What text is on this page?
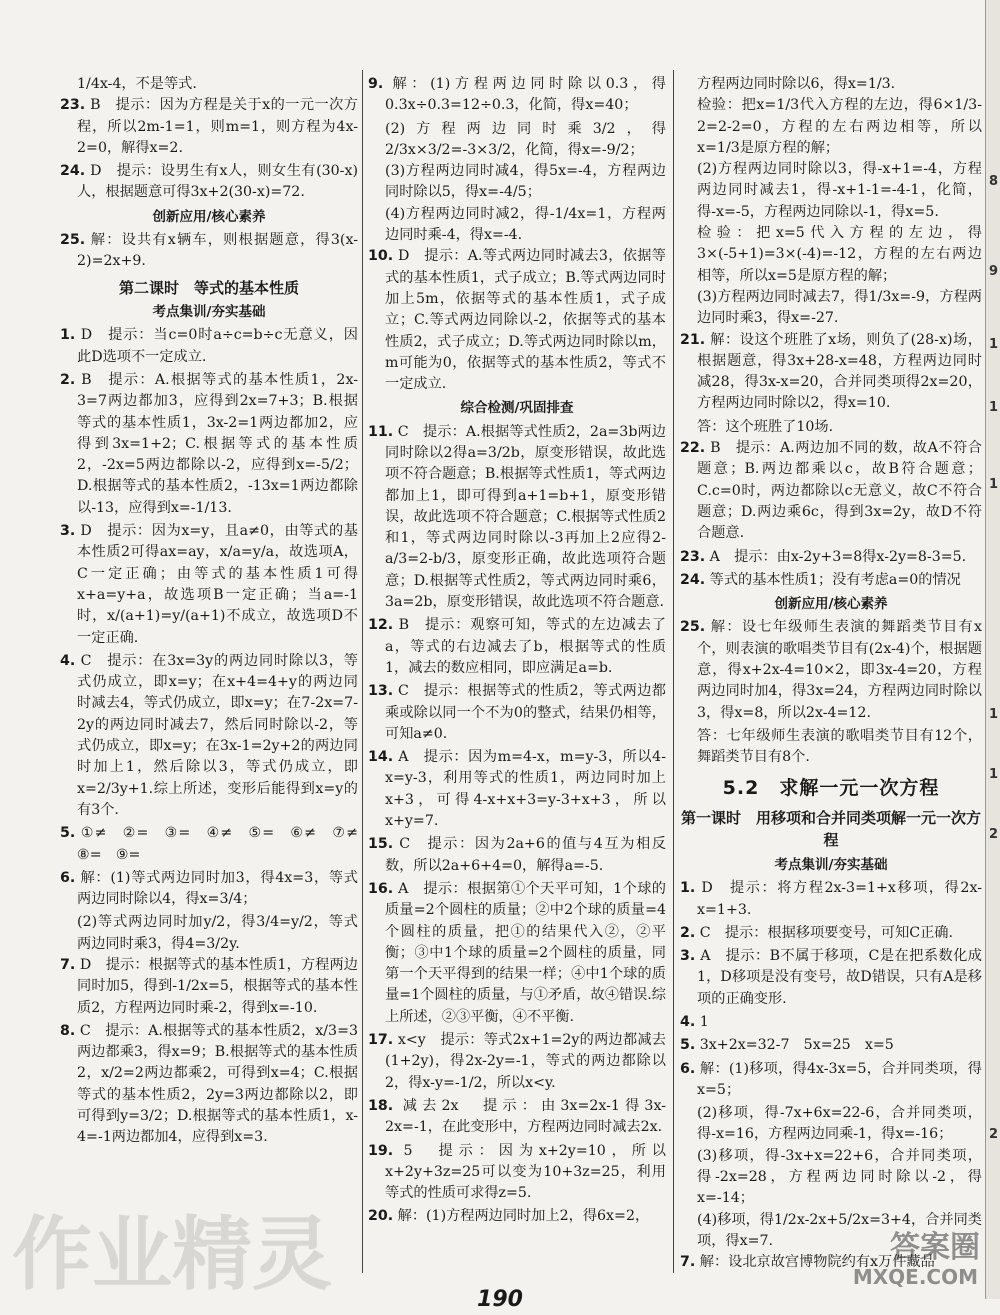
1/4x-4，不是等式.

23. B　提示：因为方程是关于x的一元一次方程，所以2m-1=1，则m=1，则方程为4x-2=0，解得x=2.

24. D　提示：设男生有x人，则女生有(30-x)人，根据题意可得3x+2(30-x)=72.

创新应用/核心素养

25. 解：设共有x辆车，则根据题意，得3(x-2)=2x+9.

第二课时　等式的基本性质
考点集训/夯实基础

1. D　提示：当c=0时a÷c=b÷c无意义，因此D选项不一定成立.

2. B　提示：A.根据等式的基本性质1，2x-3=7两边都加3，应得到2x=7+3；B.根据等式的基本性质1，3x-2=1两边都加2，应得到3x=1+2；C.根据等式的基本性质2，-2x=5两边都除以-2，应得到x=-5/2；D.根据等式的基本性质2，-13x=1两边都除以-13，应得到x=-1/13.

3. D　提示：因为x=y，且a≠0，由等式的基本性质2可得ax=ay，x/a=y/a，故选项A，C一定正确；由等式的基本性质1可得x+a=y+a，故选项B一定正确；当a=-1时，x/(a+1)=y/(a+1)不成立，故选项D不一定正确.

4. C　提示：在3x=3y的两边同时除以3，等式仍成立，即x=y；在x+4=4+y的两边同时减去4，等式仍成立，即x=y；在7-2x=7-2y的两边同时减去7，然后同时除以-2，等式仍成立，即x=y；在3x-1=2y+2的两边同时加上1，然后除以3，等式仍成立，即x=2/3y+1.综上所述，变形后能得到x=y的有3个.

5. ①≠　②=　③=　④≠　⑤=　⑥≠　⑦≠　⑧=　⑨=

6. 解：(1)等式两边同时加3，得4x=3，等式两边同时除以4，得x=3/4；

(2)等式两边同时加y/2，得3/4=y/2，等式两边同时乘3，得4=3/2y.

7. D　提示：根据等式的基本性质1，方程两边同时加5，得到-1/2x=5，根据等式的基本性质2，方程两边同时乘-2，得到x=-10.

8. C　提示：A.根据等式的基本性质2，x/3=3两边都乘3，得x=9；B.根据等式的基本性质2，x/2=2两边都乘2，可得到x=4；C.根据等式的基本性质2，2y=3两边都除以2，即可得到y=3/2；D.根据等式的基本性质1，x-4=-1两边都加4，应得到x=3.

9. 解：(1)方程两边同时除以0.3，得0.3x÷0.3=12÷0.3，化简，得x=40；

(2)方程两边同时乘3/2，得2/3x×3/2=-3×3/2，化简，得x=-9/2；

(3)方程两边同时减4，得5x=-4，方程两边同时除以5，得x=-4/5；

(4)方程两边同时减2，得-1/4x=1，方程两边同时乘-4，得x=-4.

10. D　提示：A.等式两边同时减去3，依据等式的基本性质1，式子成立；B.等式两边同时加上5m，依据等式的基本性质1，式子成立；C.等式两边同除以-2，依据等式的基本性质2，式子成立；D.等式两边同时除以m，m可能为0，依据等式的基本性质2，等式不一定成立.

综合检测/巩固排查

11. C　提示：A.根据等式性质2，2a=3b两边同时除以2得a=3/2b，原变形错误，故此选项不符合题意；B.根据等式性质1，等式两边都加上1，即可得到a+1=b+1，原变形错误，故此选项不符合题意；C.根据等式性质2和1，等式两边同时除以-3再加上2应得2-a/3=2-b/3，原变形正确，故此选项符合题意；D.根据等式性质2，等式两边同时乘6，3a=2b，原变形错误，故此选项不符合题意.

12. B　提示：观察可知，等式的左边减去了a，等式的右边减去了b，根据等式的性质1，减去的数应相同，即应满足a=b.

13. C　提示：根据等式的性质2，等式两边都乘或除以同一个不为0的整式，结果仍相等，可知a≠0.

14. A　提示：因为m=4-x，m=y-3，所以4-x=y-3，利用等式的性质1，两边同时加上x+3，可得4-x+x+3=y-3+x+3，所以x+y=7.

15. C　提示：因为2a+6的值与4互为相反数，所以2a+6+4=0，解得a=-5.

16. A　提示：根据第①个天平可知，1个球的质量=2个圆柱的质量；②中2个球的质量=4个圆柱的质量，把①的结果代入②，②平衡；③中1个球的质量=2个圆柱的质量，同第一个天平得到的结果一样；④中1个球的质量=1个圆柱的质量，与①矛盾，故④错误.综上所述，②③平衡，④不平衡.

17. x<y　提示：等式2x+1=2y的两边都减去(1+2y)，得2x-2y=-1，等式的两边都除以2，得x-y=-1/2，所以x<y.

18. 减去2x　提示：由3x=2x-1得3x-2x=-1，在此变形中，方程两边同时减去2x.

19. 5　提示：因为x+2y=10，所以x+2y+3z=25可以变为10+3z=25，利用等式的性质可求得z=5.

20. 解：(1)方程两边同时加上2，得6x=2，

方程两边同时除以6，得x=1/3.

检验：把x=1/3代入方程的左边，得6×1/3-2=2-2=0，方程的左右两边相等，所以x=1/3是原方程的解；

(2)方程两边同时除以3，得-x+1=-4，方程两边同时减去1，得-x+1-1=-4-1，化简，得-x=-5，方程两边同除以-1，得x=5.

检验：把x=5代入方程的左边，得3×(-5+1)=3×(-4)=-12，方程的左右两边相等，所以x=5是原方程的解；

(3)方程两边同时减去7，得1/3x=-9，方程两边同时乘3，得x=-27.

21. 解：设这个班胜了x场，则负了(28-x)场，根据题意，得3x+28-x=48，方程两边同时减28，得3x-x=20，合并同类项得2x=20，方程两边同时除以2，得x=10.

答：这个班胜了10场.

22. B　提示：A.两边加不同的数，故A不符合题意；B.两边都乘以c，故B符合题意；C.c=0时，两边都除以c无意义，故C不符合题意；D.两边乘6c，得到3x=2y，故D不符合题意.

23. A　提示：由x-2y+3=8得x-2y=8-3=5.

24. 等式的基本性质1；没有考虑a=0的情况

创新应用/核心素养

25. 解：设七年级师生表演的舞蹈类节目有x个，则表演的歌唱类节目有(2x-4)个，根据题意，得x+2x-4=10×2，即3x-4=20，方程两边同时加4，得3x=24，方程两边同时除以3，得x=8，所以2x-4=12.

答：七年级师生表演的歌唱类节目有12个，舞蹈类节目有8个.

5.2　求解一元一次方程
第一课时　用移项和合并同类项解一元一次方程
考点集训/夯实基础

1. D　提示：将方程2x-3=1+x移项，得2x-x=1+3.

2. C　提示：根据移项要变号，可知C正确.

3. A　提示：B不属于移项，C是在把系数化成1，D移项是没有变号，故D错误，只有A是移项的正确变形.

4. 1

5. 3x+2x=32-7　5x=25　x=5

6. 解：(1)移项，得4x-3x=5，合并同类项，得x=5；

(2)移项，得-7x+6x=22-6，合并同类项，得-x=16，方程两边同乘-1，得x=-16；

(3)移项，得-3x+x=22+6，合并同类项，得-2x=28，方程两边同时除以-2，得x=-14；

(4)移项，得1/2x-2x+5/2x=3+4，合并同类项，得x=7.

7. 解：设北京故宫博物院约有x万件藏品

8
9
1
1
1
1
1
2
2
作业精灵	答案圈
MXQE.COM
190
